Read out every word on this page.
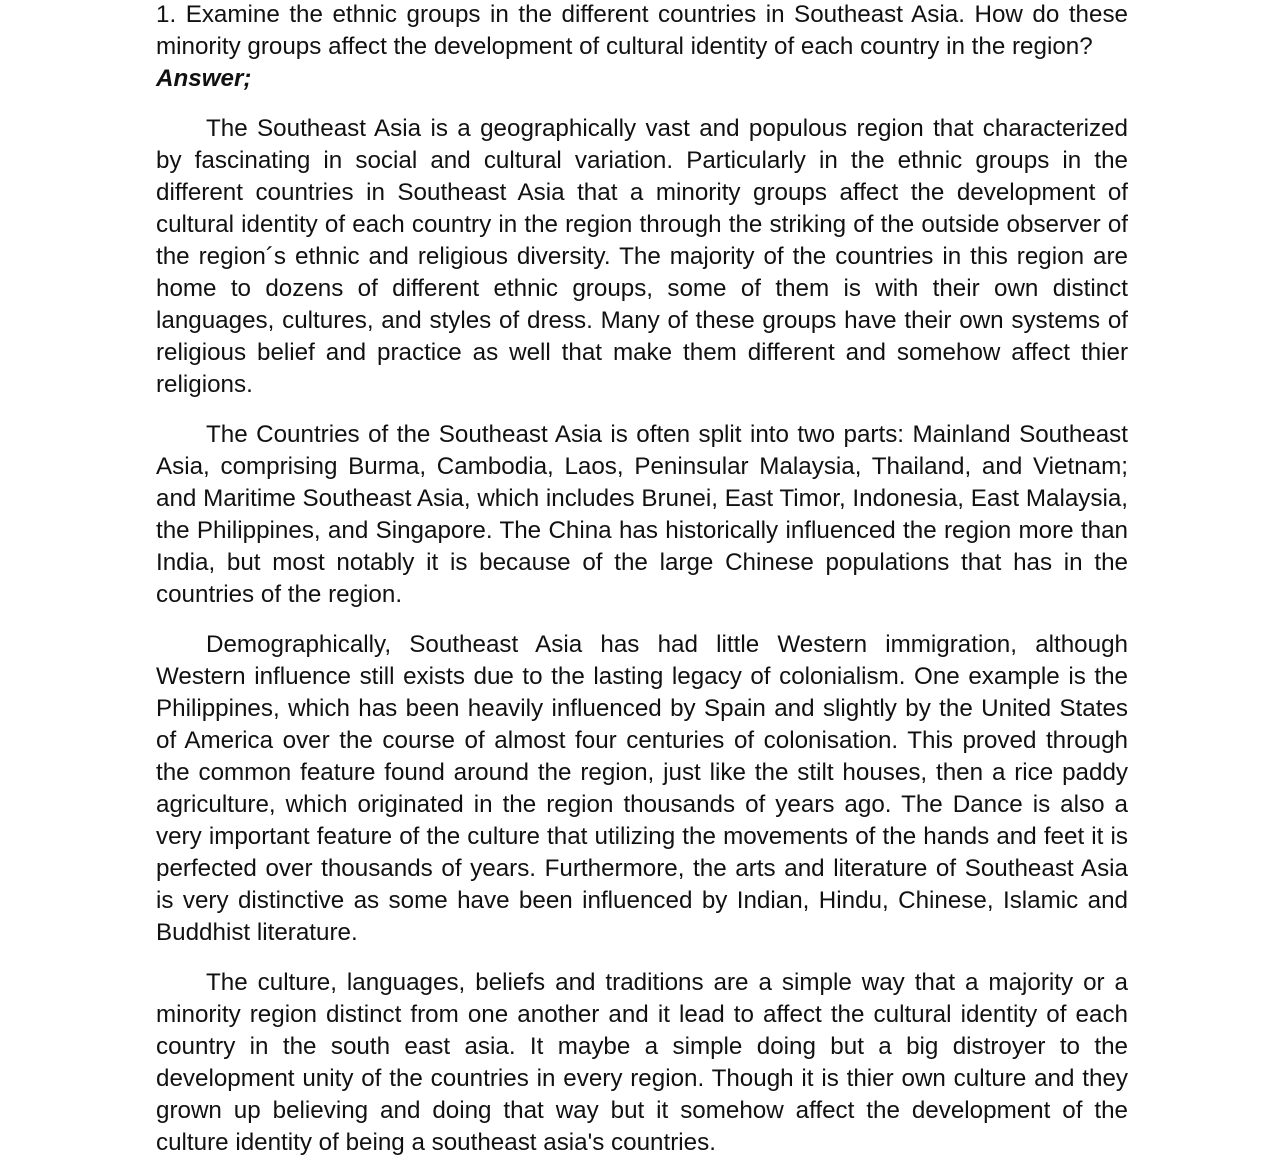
1. Examine the ethnic groups in the different countries in Southeast Asia. How do these minority groups affect the development of cultural identity of each country in the region?

Answer;

The Southeast Asia is a geographically vast and populous region that characterized by fascinating in social and cultural variation. Particularly in the ethnic groups in the different countries in Southeast Asia that a minority groups affect the development of cultural identity of each country in the region through the striking of the outside observer of the region´s ethnic and religious diversity. The majority of the countries in this region are home to dozens of different ethnic groups, some of them is with their own distinct languages, cultures, and styles of dress. Many of these groups have their own systems of religious belief and practice as well that make them different and somehow affect thier religions.

The Countries of the Southeast Asia is often split into two parts: Mainland Southeast Asia, comprising Burma, Cambodia, Laos, Peninsular Malaysia, Thailand, and Vietnam; and Maritime Southeast Asia, which includes Brunei, East Timor, Indonesia, East Malaysia, the Philippines, and Singapore. The China has historically influenced the region more than India, but most notably it is because of the large Chinese populations that has in the countries of the region.

Demographically, Southeast Asia has had little Western immigration, although Western influence still exists due to the lasting legacy of colonialism. One example is the Philippines, which has been heavily influenced by Spain and slightly by the United States of America over the course of almost four centuries of colonisation. This proved through the common feature found around the region, just like the stilt houses, then a rice paddy agriculture, which originated in the region thousands of years ago. The Dance is also a very important feature of the culture that utilizing the movements of the hands and feet it is perfected over thousands of years. Furthermore, the arts and literature of Southeast Asia is very distinctive as some have been influenced by Indian, Hindu, Chinese, Islamic and Buddhist literature.

The culture, languages, beliefs and traditions are a simple way that a majority or a minority region distinct from one another and it lead to affect the cultural identity of each country in the south east asia. It maybe a simple doing but a big distroyer to the development unity of the countries in every region. Though it is thier own culture and they grown up believing and doing that way but it somehow affect the development of the culture identity of being a southeast asia's countries.
